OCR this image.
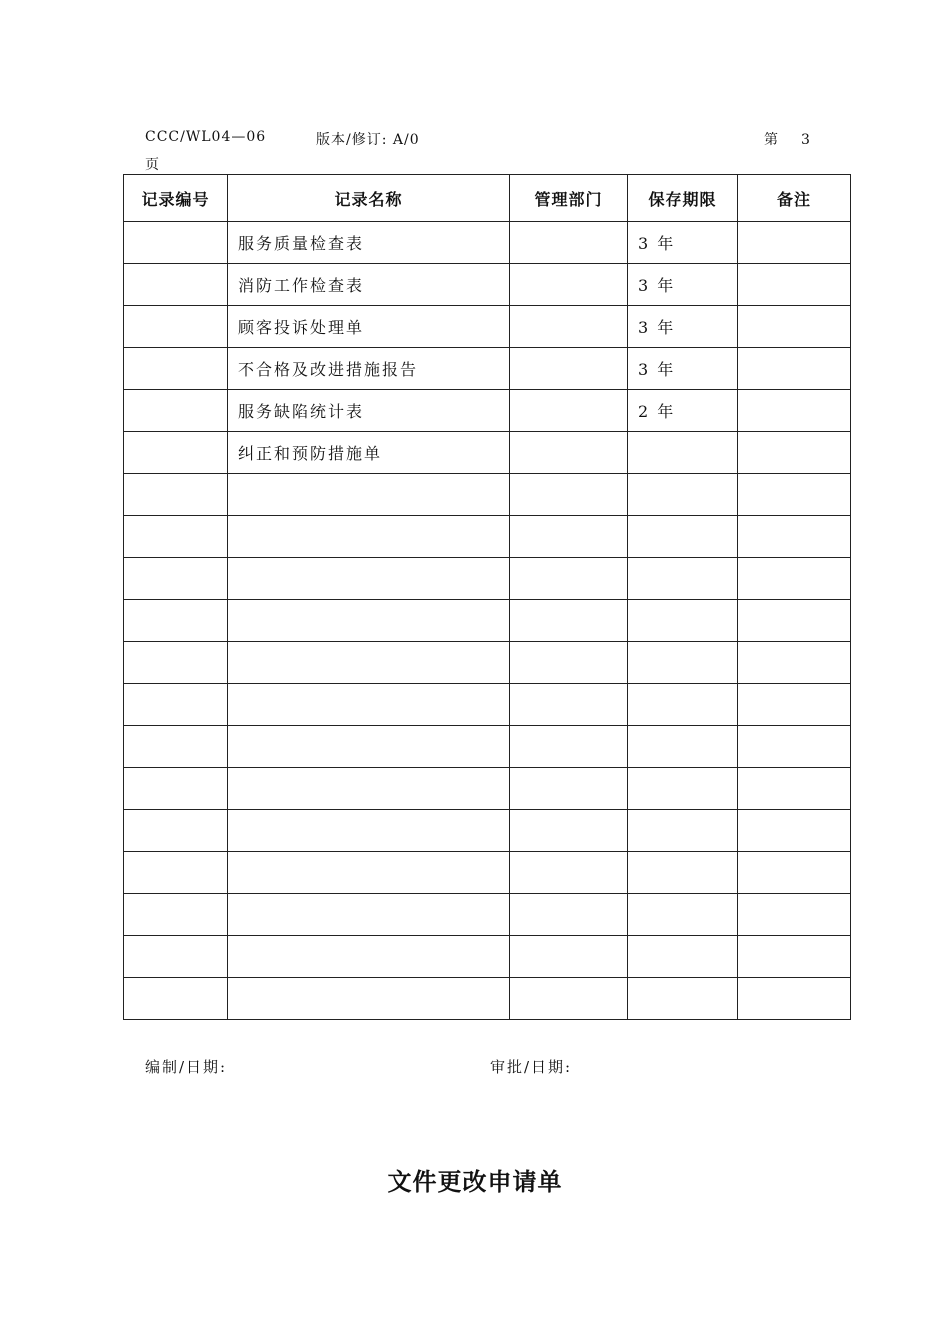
CCC/WL04—06	版本/修订: A/0	第 3
页
记录编号	记录名称	管理部门	保存期限	备注
	服务质量检查表		3 年	
	消防工作检查表		3 年	
	顾客投诉处理单		3 年	
	不合格及改进措施报告		3 年	
	服务缺陷统计表		2 年	
	纠正和预防措施单			

编制/日期:	审批/日期:
文件更改申请单
